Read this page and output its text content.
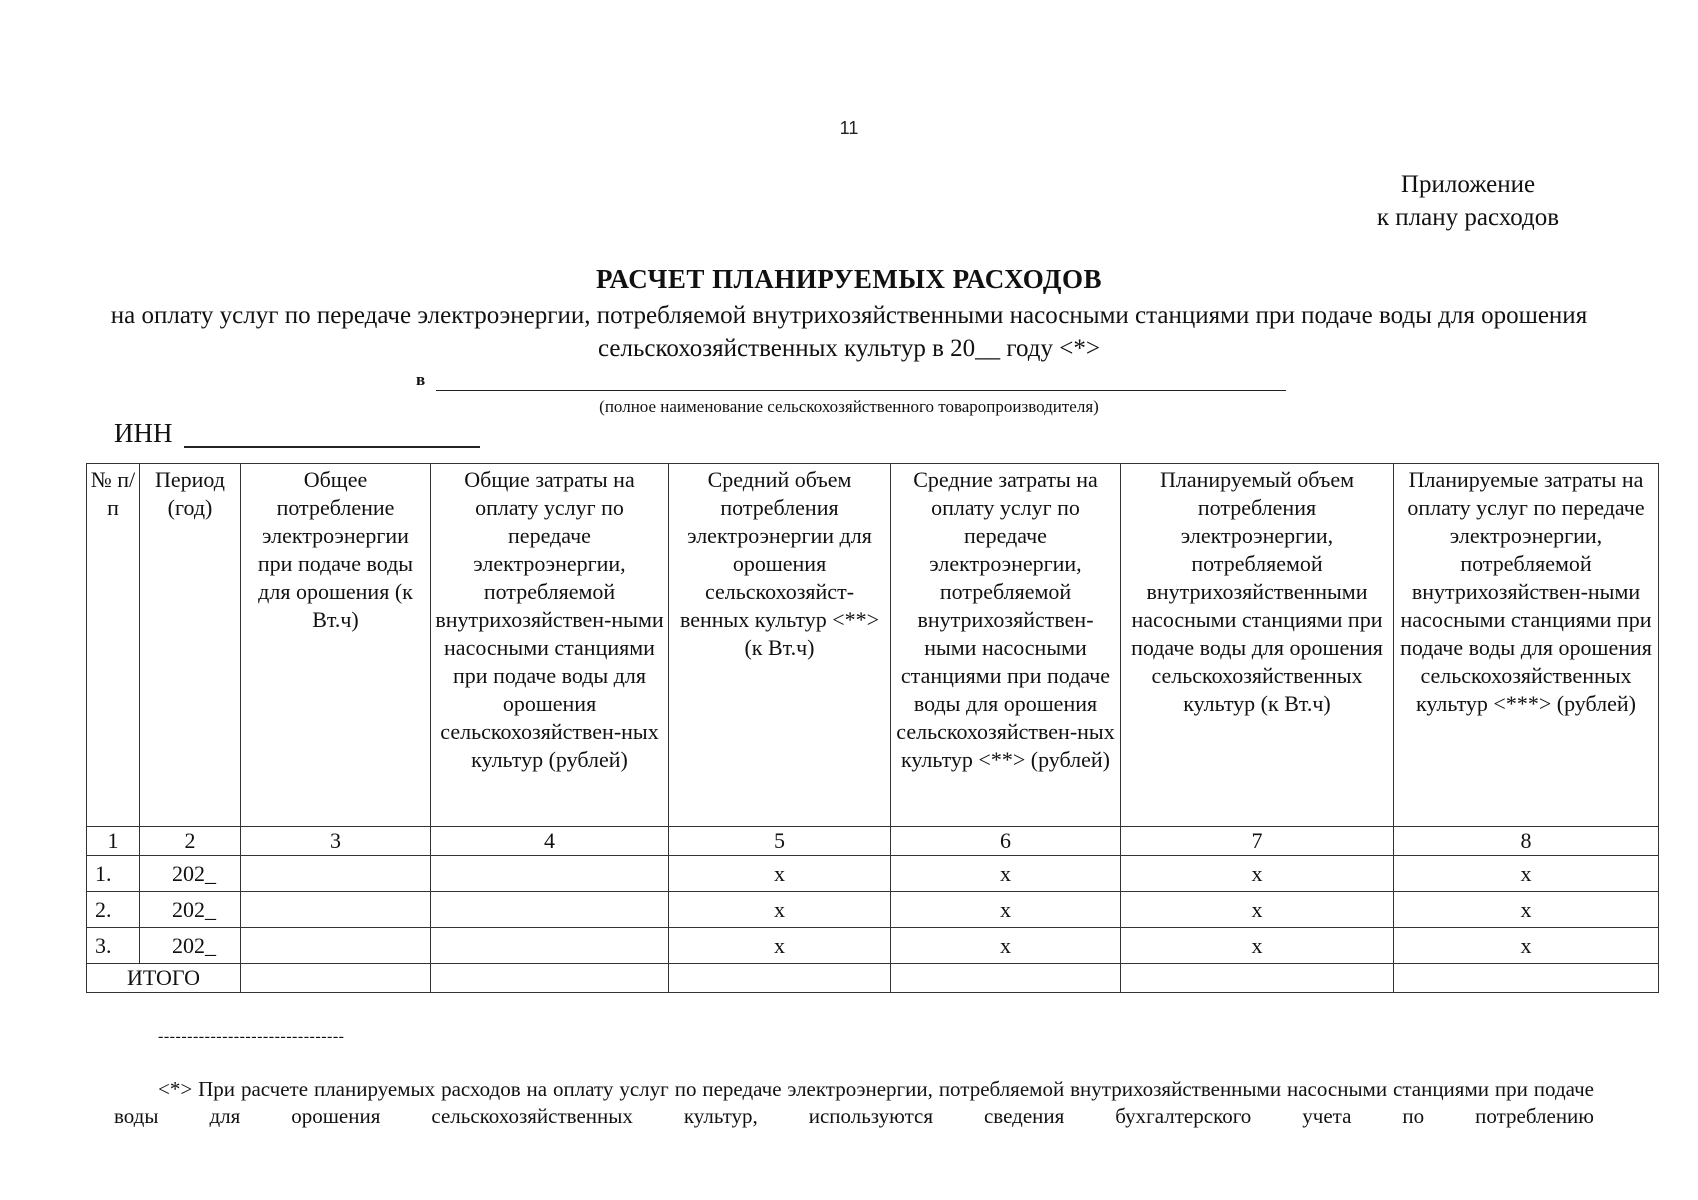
11
Приложение
к плану расходов
РАСЧЕТ ПЛАНИРУЕМЫХ РАСХОДОВ
на оплату услуг по передаче электроэнергии, потребляемой внутрихозяйственными насосными станциями при подаче воды для орошения сельскохозяйственных культур в 20__ году <*>
в
(полное наименование сельскохозяйственного товаропроизводителя)
ИНН
№ п/п	Период (год)	Общее потребление электроэнергии при подаче воды для орошения (к Вт.ч)	Общие затраты на оплату услуг по передаче электроэнергии, потребляемой внутрихозяйствен-ными насосными станциями при подаче воды для орошения сельскохозяйствен-ных культур (рублей)	Средний объем потребления электроэнергии для орошения сельскохозяйст-венных культур <**> (к Вт.ч)	Средние затраты на оплату услуг по передаче электроэнергии, потребляемой внутрихозяйствен-ными насосными станциями при подаче воды для орошения сельскохозяйствен-ных культур <**> (рублей)	Планируемый объем потребления электроэнергии, потребляемой внутрихозяйственными насосными станциями при подаче воды для орошения сельскохозяйственных культур (к Вт.ч)	Планируемые затраты на оплату услуг по передаче электроэнергии, потребляемой внутрихозяйствен-ными насосными станциями при подаче воды для орошения сельскохозяйственных культур <***> (рублей)
1	2	3	4	5	6	7	8
1.	202_			x	x	x	x
2.	202_			x	x	x	x
3.	202_			x	x	x	x
ИТОГО							
--------------------------------
<*> При расчете планируемых расходов на оплату услуг по передаче электроэнергии, потребляемой внутрихозяйственными насосными станциями при подаче воды для орошения сельскохозяйственных культур, используются сведения бухгалтерского учета по потреблению
